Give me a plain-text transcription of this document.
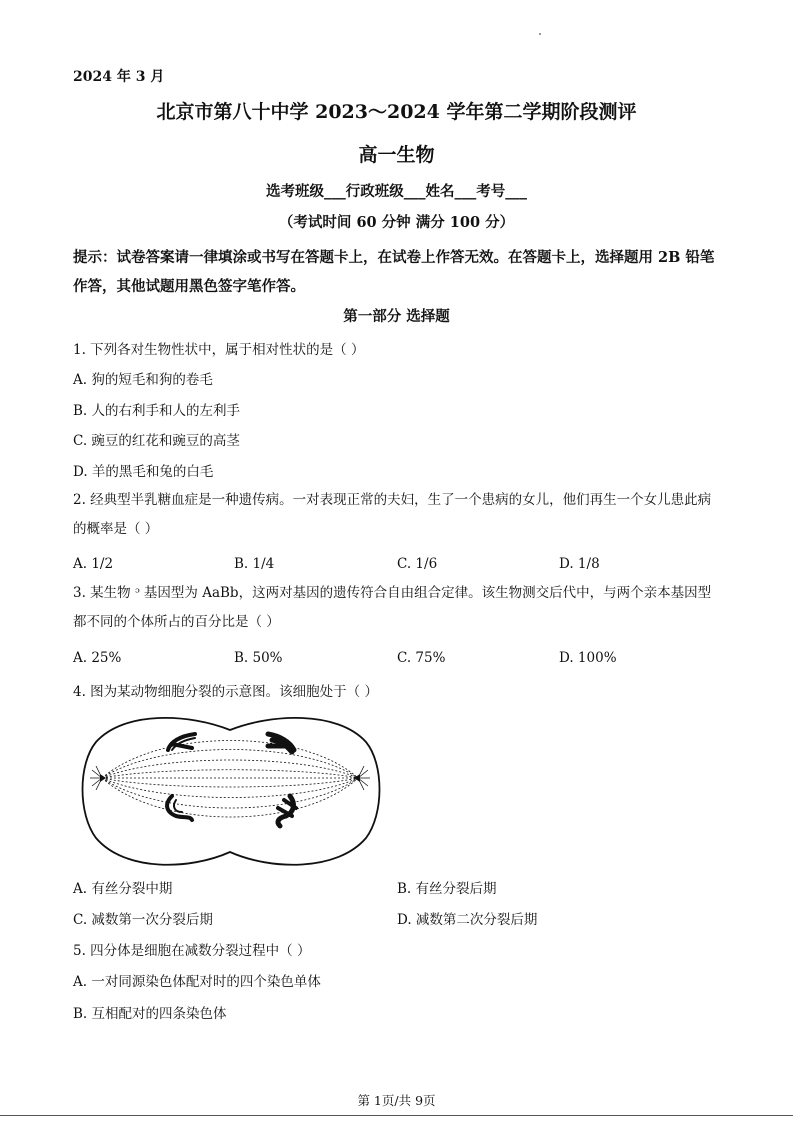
2024 年 3 月
北京市第八十中学 2023～2024 学年第二学期阶段测评
高一生物
选考班级___行政班级___姓名___考号___
（考试时间 60 分钟 满分 100 分）
提示：试卷答案请一律填涂或书写在答题卡上，在试卷上作答无效。在答题卡上，选择题用 2B 铅笔作答，其他试题用黑色签字笔作答。
第一部分 选择题
1. 下列各对生物性状中，属于相对性状的是（ ）
A. 狗的短毛和狗的卷毛
B. 人的右利手和人的左利手
C. 豌豆的红花和豌豆的高茎
D. 羊的黑毛和兔的白毛
2. 经典型半乳糖血症是一种遗传病。一对表现正常的夫妇，生了一个患病的女儿，他们再生一个女儿患此病的概率是（ ）
A. 1/2	B. 1/4	C. 1/6	D. 1/8
3. 某生物 ᵓ 基因型为 AaBb，这两对基因的遗传符合自由组合定律。该生物测交后代中，与两个亲本基因型都不同的个体所占的百分比是（ ）
A. 25%	B. 50%	C. 75%	D. 100%
4. 图为某动物细胞分裂的示意图。该细胞处于（ ）
A. 有丝分裂中期	B. 有丝分裂后期
C. 减数第一次分裂后期	D. 减数第二次分裂后期
5. 四分体是细胞在减数分裂过程中（ ）
A. 一对同源染色体配对时的四个染色单体
B. 互相配对的四条染色体
第 1页/共 9页
